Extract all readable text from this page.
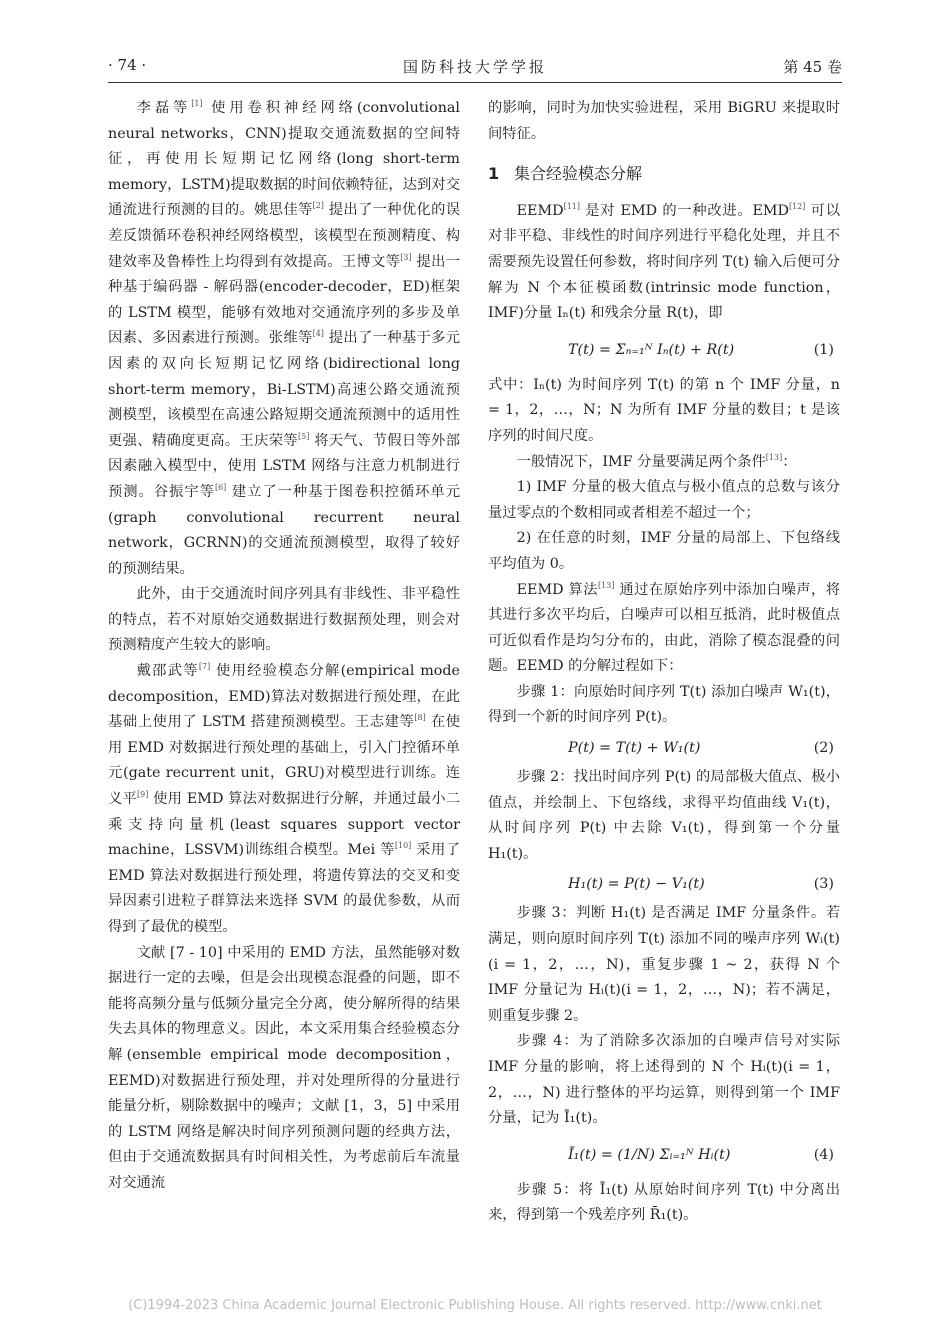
· 74 ·	国防科技大学学报	第 45 卷

李磊等[1] 使用卷积神经网络(convolutional neural networks，CNN)提取交通流数据的空间特征，再使用长短期记忆网络(long short-term memory，LSTM)提取数据的时间依赖特征，达到对交通流进行预测的目的。姚思佳等[2] 提出了一种优化的误差反馈循环卷积神经网络模型，该模型在预测精度、构建效率及鲁棒性上均得到有效提高。王博文等[3] 提出一种基于编码器 - 解码器(encoder-decoder，ED)框架的 LSTM 模型，能够有效地对交通流序列的多步及单因素、多因素进行预测。张维等[4] 提出了一种基于多元因素的双向长短期记忆网络(bidirectional long short-term memory，Bi-LSTM)高速公路交通流预测模型，该模型在高速公路短期交通流预测中的适用性更强、精确度更高。王庆荣等[5] 将天气、节假日等外部因素融入模型中，使用 LSTM 网络与注意力机制进行预测。谷振宇等[6] 建立了一种基于图卷积控循环单元(graph convolutional recurrent neural network，GCRNN)的交通流预测模型，取得了较好的预测结果。

此外，由于交通流时间序列具有非线性、非平稳性的特点，若不对原始交通数据进行数据预处理，则会对预测精度产生较大的影响。

戴邵武等[7] 使用经验模态分解(empirical mode decomposition，EMD)算法对数据进行预处理，在此基础上使用了 LSTM 搭建预测模型。王志建等[8] 在使用 EMD 对数据进行预处理的基础上，引入门控循环单元(gate recurrent unit，GRU)对模型进行训练。连义平[9] 使用 EMD 算法对数据进行分解，并通过最小二乘支持向量机(least squares support vector machine，LSSVM)训练组合模型。Mei 等[10] 采用了 EMD 算法对数据进行预处理，将遗传算法的交叉和变异因素引进粒子群算法来选择 SVM 的最优参数，从而得到了最优的模型。

文献 [7 - 10] 中采用的 EMD 方法，虽然能够对数据进行一定的去噪，但是会出现模态混叠的问题，即不能将高频分量与低频分量完全分离，使分解所得的结果失去具体的物理意义。因此，本文采用集合经验模态分解(ensemble empirical mode decomposition，EEMD)对数据进行预处理，并对处理所得的分量进行能量分析，剔除数据中的噪声；文献 [1，3，5] 中采用的 LSTM 网络是解决时间序列预测问题的经典方法，但由于交通流数据具有时间相关性，为考虑前后车流量对交通流

的影响，同时为加快实验进程，采用 BiGRU 来提取时间特征。

1 集合经验模态分解

EEMD[11] 是对 EMD 的一种改进。EMD[12] 可以对非平稳、非线性的时间序列进行平稳化处理，并且不需要预先设置任何参数，将时间序列 T(t) 输入后便可分解为 N 个本征模函数(intrinsic mode function，IMF)分量 Iₙ(t) 和残余分量 R(t)，即

T(t) = Σₙ₌₁ᴺ Iₙ(t) + R(t)	(1)

式中：Iₙ(t) 为时间序列 T(t) 的第 n 个 IMF 分量，n = 1，2，…，N；N 为所有 IMF 分量的数目；t 是该序列的时间尺度。

一般情况下，IMF 分量要满足两个条件[13]：

1) IMF 分量的极大值点与极小值点的总数与该分量过零点的个数相同或者相差不超过一个；

2) 在任意的时刻，IMF 分量的局部上、下包络线平均值为 0。

EEMD 算法[13] 通过在原始序列中添加白噪声，将其进行多次平均后，白噪声可以相互抵消，此时极值点可近似看作是均匀分布的，由此，消除了模态混叠的问题。EEMD 的分解过程如下：

步骤 1：向原始时间序列 T(t) 添加白噪声 W₁(t)，得到一个新的时间序列 P(t)。

P(t) = T(t) + W₁(t)	(2)

步骤 2：找出时间序列 P(t) 的局部极大值点、极小值点，并绘制上、下包络线，求得平均值曲线 V₁(t)，从时间序列 P(t) 中去除 V₁(t)，得到第一个分量 H₁(t)。

H₁(t) = P(t) − V₁(t)	(3)

步骤 3：判断 H₁(t) 是否满足 IMF 分量条件。若满足，则向原时间序列 T(t) 添加不同的噪声序列 Wᵢ(t)(i = 1，2，…，N)，重复步骤 1 ~ 2，获得 N 个 IMF 分量记为 Hᵢ(t)(i = 1，2，…，N)；若不满足，则重复步骤 2。

步骤 4：为了消除多次添加的白噪声信号对实际 IMF 分量的影响，将上述得到的 N 个 Hᵢ(t)(i = 1，2，…，N) 进行整体的平均运算，则得到第一个 IMF 分量，记为 Ī₁(t)。

Ī₁(t) = (1/N) Σᵢ₌₁ᴺ Hᵢ(t)	(4)

步骤 5：将 Ī₁(t) 从原始时间序列 T(t) 中分离出来，得到第一个残差序列 R̄₁(t)。

(C)1994-2023 China Academic Journal Electronic Publishing House. All rights reserved. http://www.cnki.net
